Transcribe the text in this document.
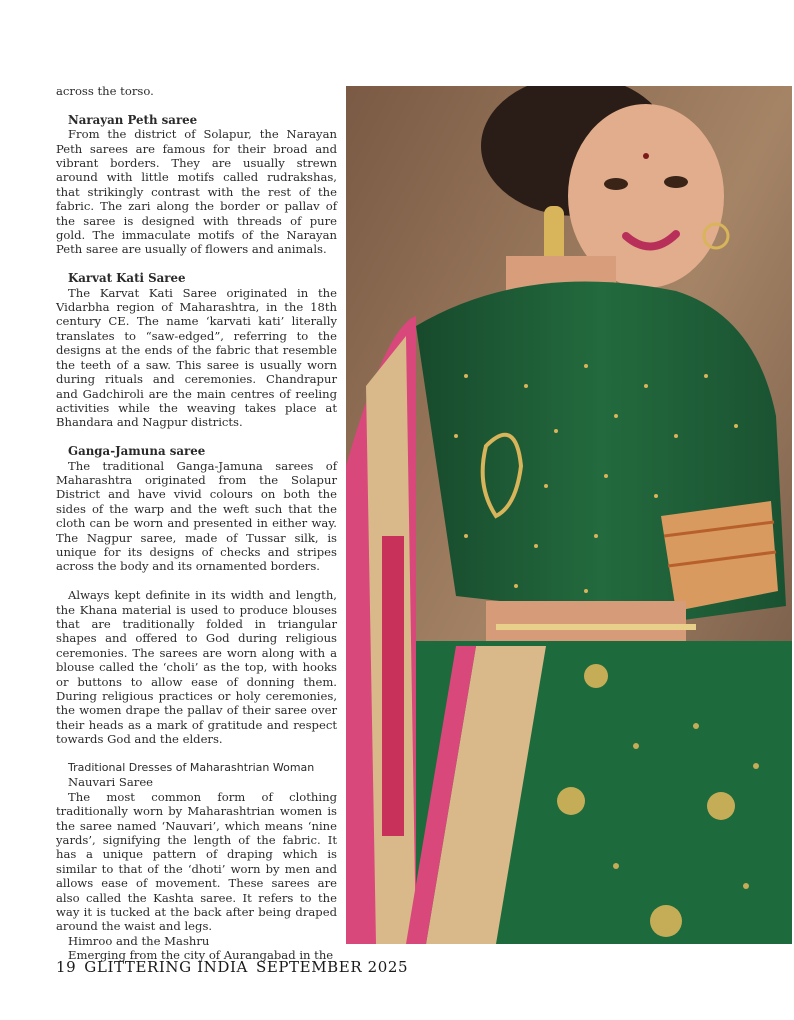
across the torso.

Narayan Peth saree

From the district of Solapur, the Narayan Peth sarees are famous for their broad and vibrant borders. They are usually strewn around with little motifs called rudrakshas, that strikingly contrast with the rest of the fabric. The zari along the border or pallav of the saree is designed with threads of pure gold. The immaculate motifs of the Narayan Peth saree are usually of flowers and animals.

Karvat Kati Saree

The Karvat Kati Saree originated in the Vidarbha region of Maharashtra, in the 18th century CE. The name ‘karvati kati’ literally translates to “saw-edged”, referring to the designs at the ends of the fabric that resemble the teeth of a saw. This saree is usually worn during rituals and ceremonies. Chandrapur and Gadchiroli are the main centres of reeling activities while the weaving takes place at Bhandara and Nagpur districts.

Ganga-Jamuna saree

The traditional Ganga-Jamuna sarees of Maharashtra originated from the Solapur District and have vivid colours on both the sides of the warp and the weft such that the cloth can be worn and presented in either way. The Nagpur saree, made of Tussar silk, is unique for its designs of checks and stripes across the body and its ornamented borders.

Always kept definite in its width and length, the Khana material is used to produce blouses that are traditionally folded in triangular shapes and offered to God during religious ceremonies. The sarees are worn along with a blouse called the ‘choli’ as the top, with hooks or buttons to allow ease of donning them. During religious practices or holy ceremonies, the women drape the pallav of their saree over their heads as a mark of gratitude and respect towards God and the elders.

Traditional Dresses of Maharashtrian Woman

Nauvari Saree

The most common form of clothing traditionally worn by Maharashtrian women is the saree named ‘Nauvari’, which means ‘nine yards’, signifying the length of the fabric. It has a unique pattern of draping which is similar to that of the ‘dhoti’ worn by men and allows ease of movement. These sarees are also called the Kashta saree. It refers to the way it is tucked at the back after being draped around the waist and legs.

Himroo and the Mashru

Emerging from the city of Aurangabad in the

19 GLITTERING INDIA SEPTEMBER 2025
